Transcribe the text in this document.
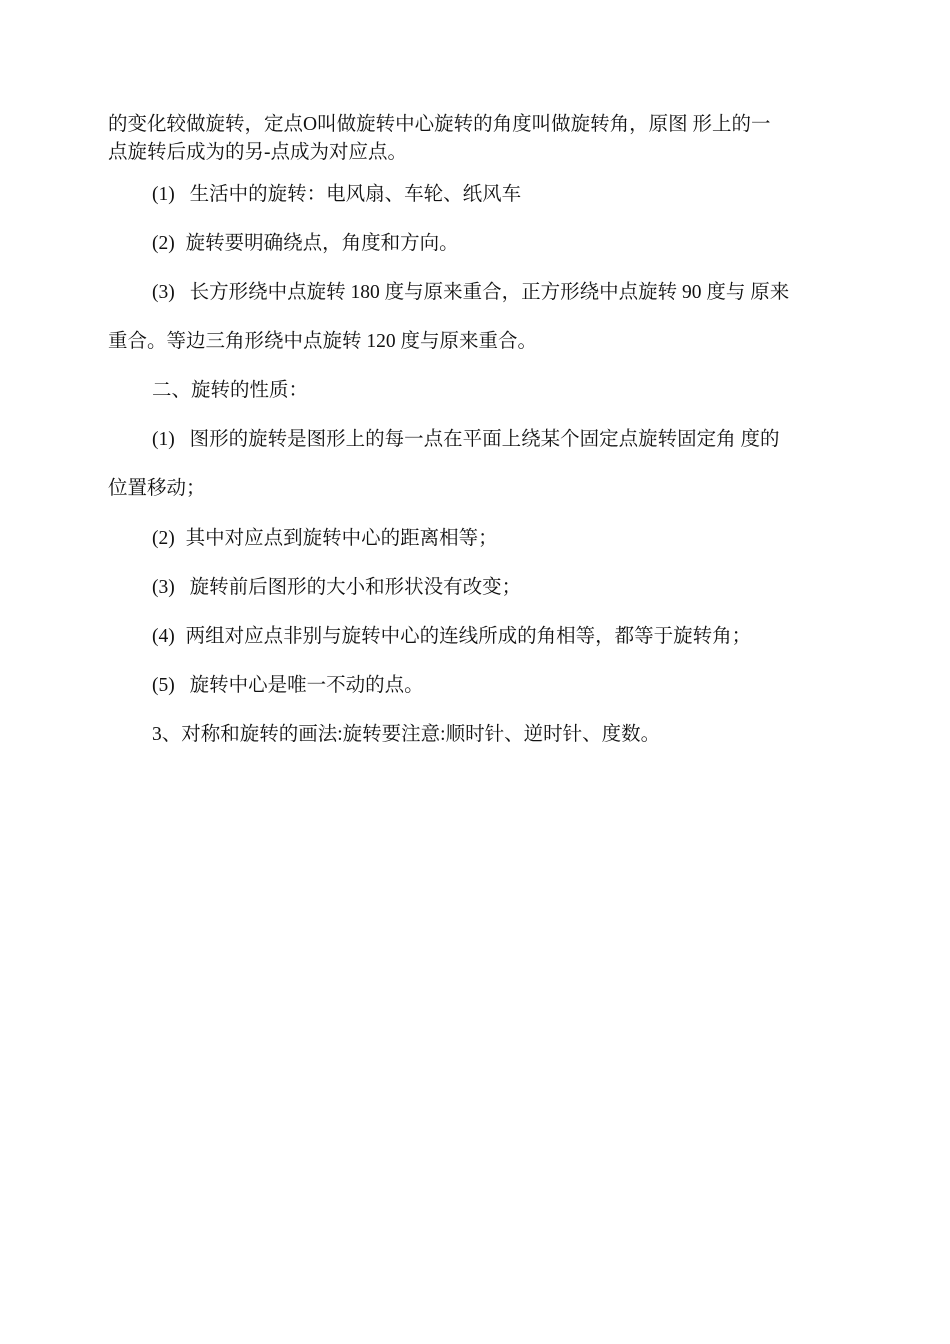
的变化较做旋转，定点O叫做旋转中心旋转的角度叫做旋转角，原图 形上的一
点旋转后成为的另-点成为对应点。
(1) 生活中的旋转：电风扇、车轮、纸风车
(2) 旋转要明确绕点，角度和方向。
(3) 长方形绕中点旋转 180 度与原来重合，正方形绕中点旋转 90 度与 原来
重合。等边三角形绕中点旋转 120 度与原来重合。
二、旋转的性质：
(1) 图形的旋转是图形上的每一点在平面上绕某个固定点旋转固定角 度的
位置移动；
(2) 其中对应点到旋转中心的距离相等；
(3) 旋转前后图形的大小和形状没有改变；
(4) 两组对应点非别与旋转中心的连线所成的角相等，都等于旋转角；
(5) 旋转中心是唯一不动的点。
3、对称和旋转的画法:旋转要注意:顺时针、逆时针、度数。
